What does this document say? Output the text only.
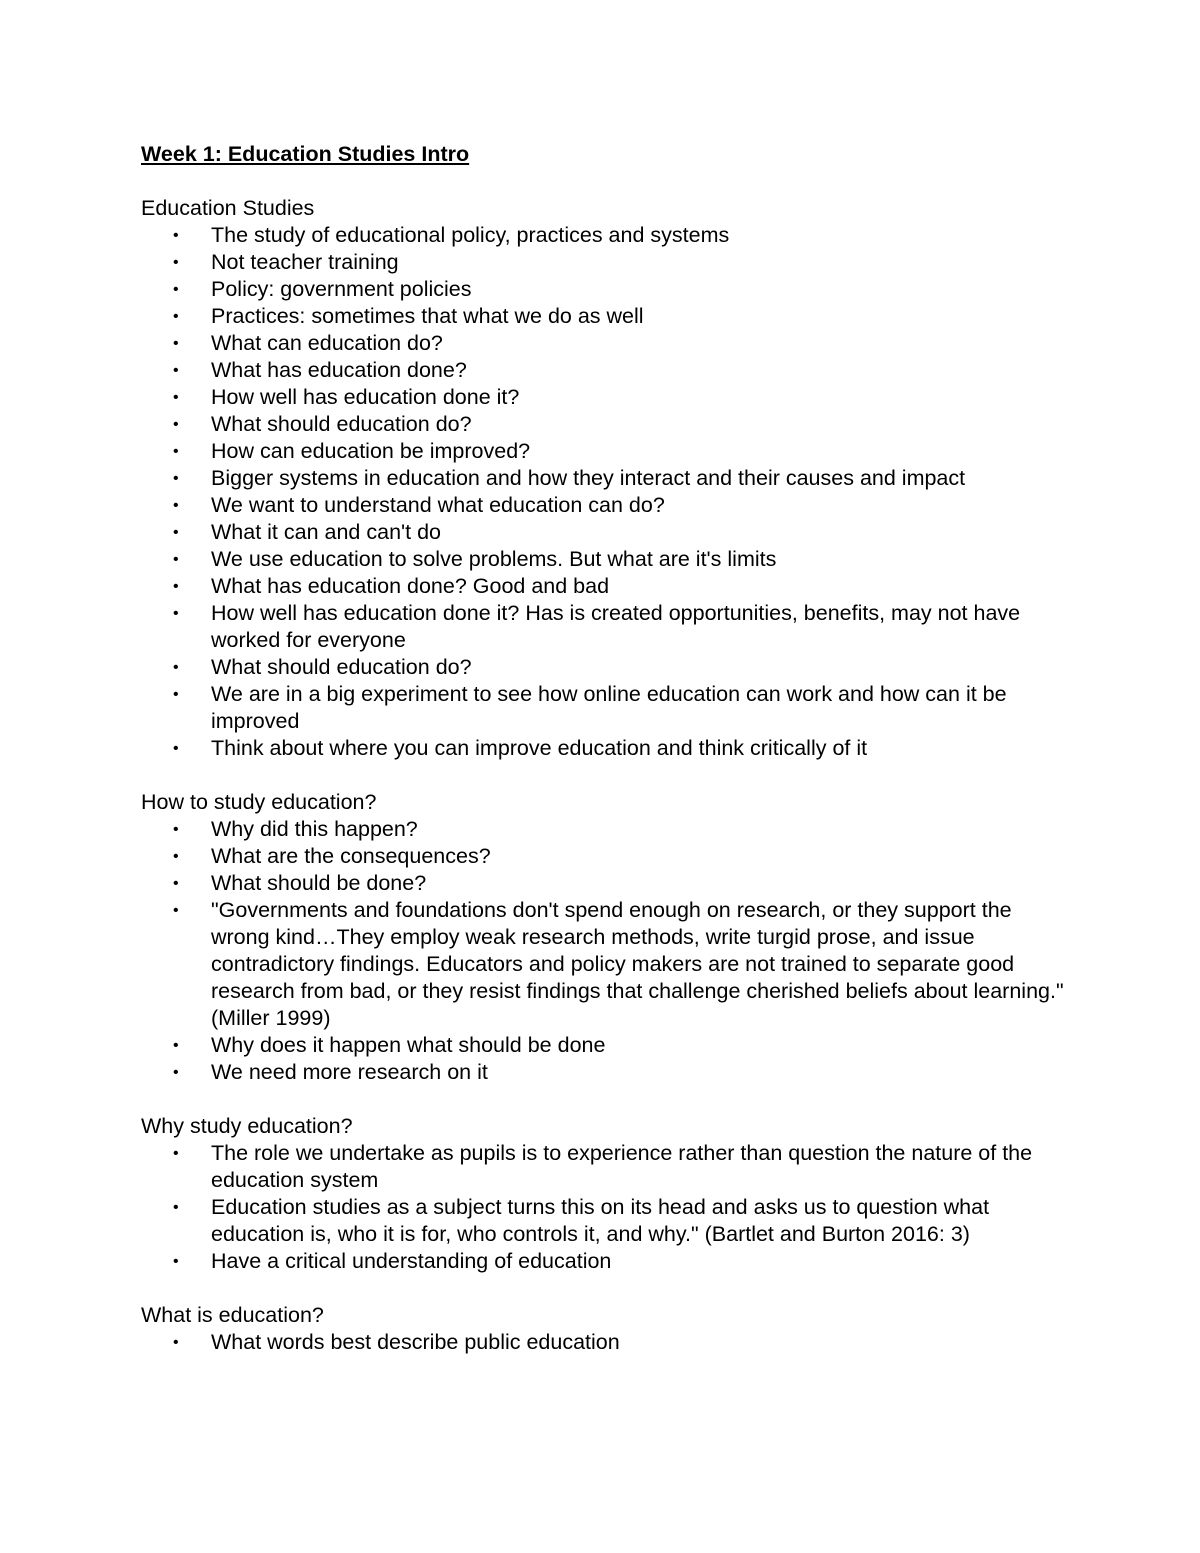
Week 1: Education Studies Intro
Education Studies
• The study of educational policy, practices and systems
• Not teacher training
• Policy: government policies
• Practices: sometimes that what we do as well
• What can education do?
• What has education done?
• How well has education done it?
• What should education do?
• How can education be improved?
• Bigger systems in education and how they interact and their causes and impact
• We want to understand what education can do?
• What it can and can't do
• We use education to solve problems. But what are it's limits
• What has education done? Good and bad
• How well has education done it? Has is created opportunities, benefits, may not have worked for everyone
• What should education do?
• We are in a big experiment to see how online education can work and how can it be improved
• Think about where you can improve education and think critically of it
How to study education?
• Why did this happen?
• What are the consequences?
• What should be done?
• "Governments and foundations don't spend enough on research, or they support the wrong kind…They employ weak research methods, write turgid prose, and issue contradictory findings. Educators and policy makers are not trained to separate good research from bad, or they resist findings that challenge cherished beliefs about learning." (Miller 1999)
• Why does it happen what should be done
• We need more research on it
Why study education?
• The role we undertake as pupils is to experience rather than question the nature of the education system
• Education studies as a subject turns this on its head and asks us to question what education is, who it is for, who controls it, and why." (Bartlet and Burton 2016: 3)
• Have a critical understanding of education
What is education?
• What words best describe public education
